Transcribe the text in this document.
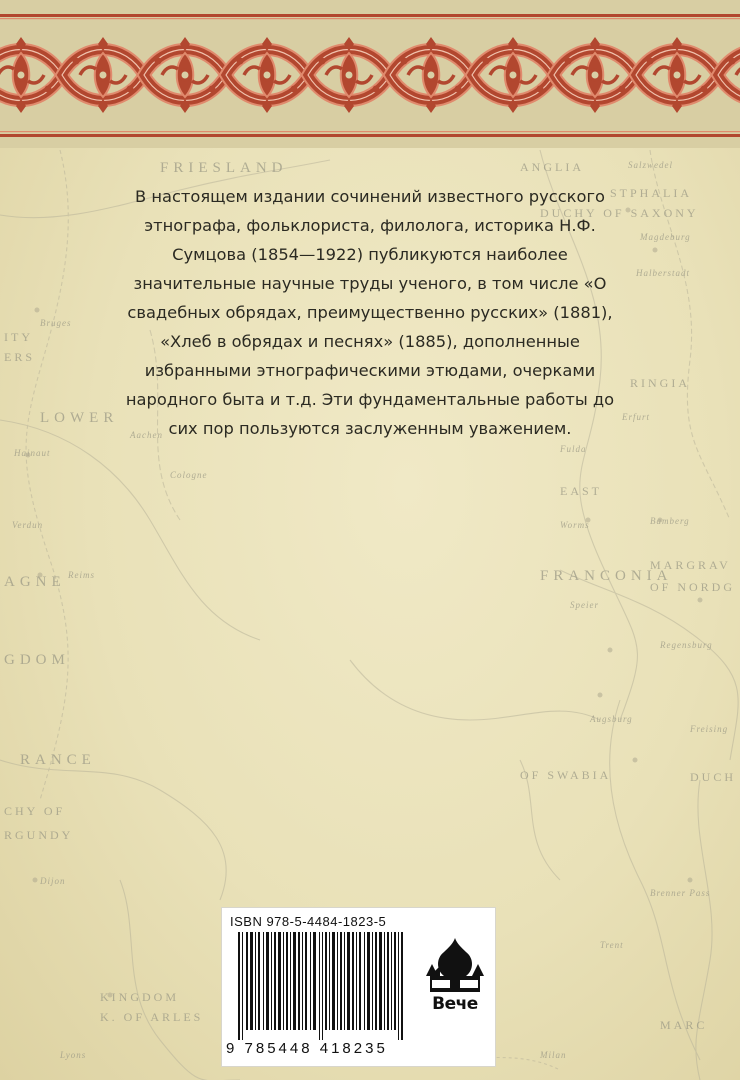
FRIESLAND	ANGLIA	Salzwedel
STPHALIA
DUCHY OF SAXONY
Magdeburg
Halberstadt
ITY
ERS
Bruges
LOWER
Hainaut
Aachen
Cologne
RINGIA
Erfurt
Fulda
EAST
Bamberg
Worms
FRANCONIA
Speier
MARGRAV
OF NORDG
Regensburg
Verdun
AGNE Reims
GDOM
Augsburg
Freising
RANCE
OF SWABIA	DUCH
CHY OF
RGUNDY
Dijon
Brenner Pass
Trent
KINGDOM
K. OF ARLES
Lyons	Milan
MARC

В настоящем издании сочинений известного русского этнографа, фольклориста, филолога, историка Н.Ф. Сумцова (1854—1922) публикуются наиболее значительные научные труды ученого, в том числе «О свадебных обрядах, преимущественно русских» (1881), «Хлеб в обрядах и песнях» (1885), дополненные избранными этнографическими этюдами, очерками народного быта и т.д. Эти фундаментальные работы до сих пор пользуются заслуженным уважением.

ISBN 978-5-4484-1823-5
9 785448 418235
Вече
